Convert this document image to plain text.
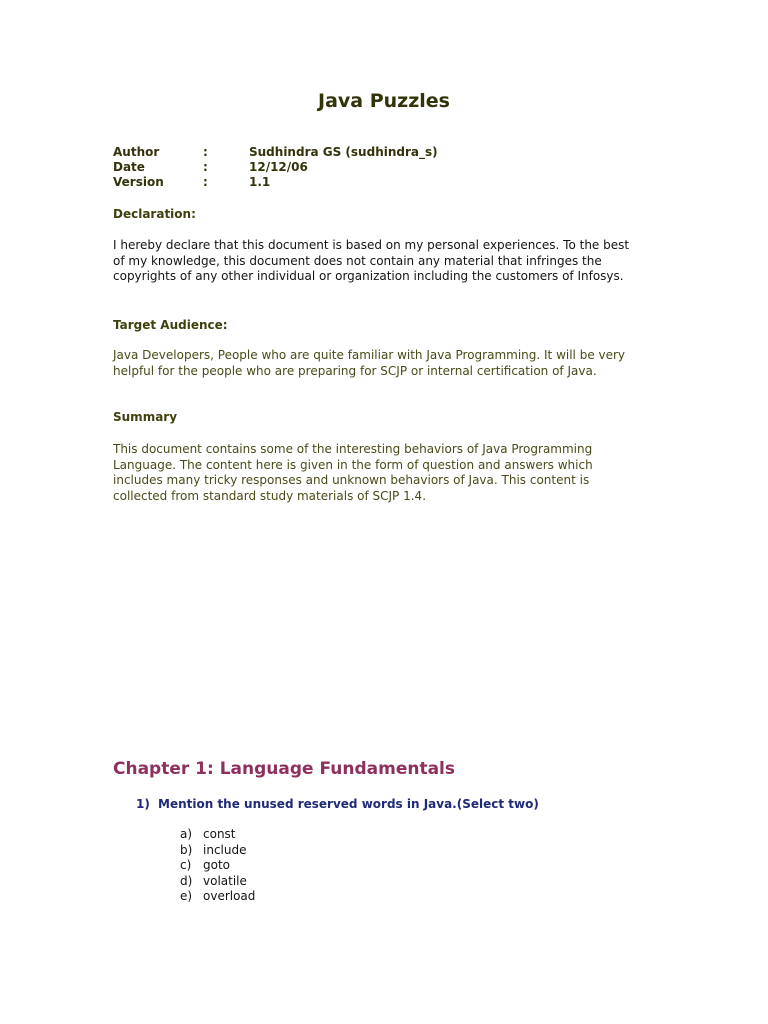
Java Puzzles
Author	:	Sudhindra GS (sudhindra_s)
Date	:	12/12/06
Version	:	1.1
Declaration:

I hereby declare that this document is based on my personal experiences. To the best of my knowledge, this document does not contain any material that infringes the copyrights of any other individual or organization including the customers of Infosys.

Target Audience:

Java Developers, People who are quite familiar with Java Programming. It will be very helpful for the people who are preparing for SCJP or internal certification of Java.

Summary

This document contains some of the interesting behaviors of Java Programming Language. The content here is given in the form of question and answers which includes many tricky responses and unknown behaviors of Java. This content is collected from standard study materials of SCJP 1.4.

Chapter 1: Language Fundamentals
1) Mention the unused reserved words in Java.(Select two)
a) const
b) include
c) goto
d) volatile
e) overload
